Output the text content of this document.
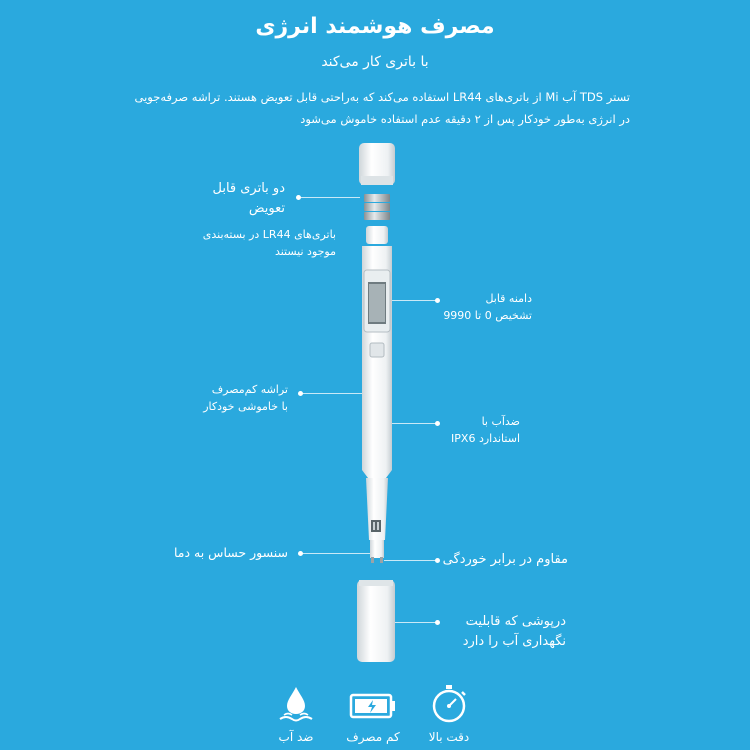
مصرف هوشمند انرژی
با باتری کار می‌کند
تستر TDS آب Mi از باتری‌های LR44 استفاده می‌کند که به‌راحتی قابل تعویض هستند. تراشه صرفه‌جویی
در انرژی به‌طور خودکار پس از ۲ دقیقه عدم استفاده خاموش می‌شود
دو باتری قابل
تعویض
باتری‌های LR44 در بسته‌بندی
موجود نیستند
تراشه کم‌مصرف
با خاموشی خودکار
سنسور حساس به دما
دامنه قابل
تشخیص 0 تا 9990
ضدآب با
استاندارد IPX6
مقاوم در برابر خوردگی
درپوشی که قابلیت
نگهداری آب را دارد
ضد آب	کم مصرف	دقت بالا
